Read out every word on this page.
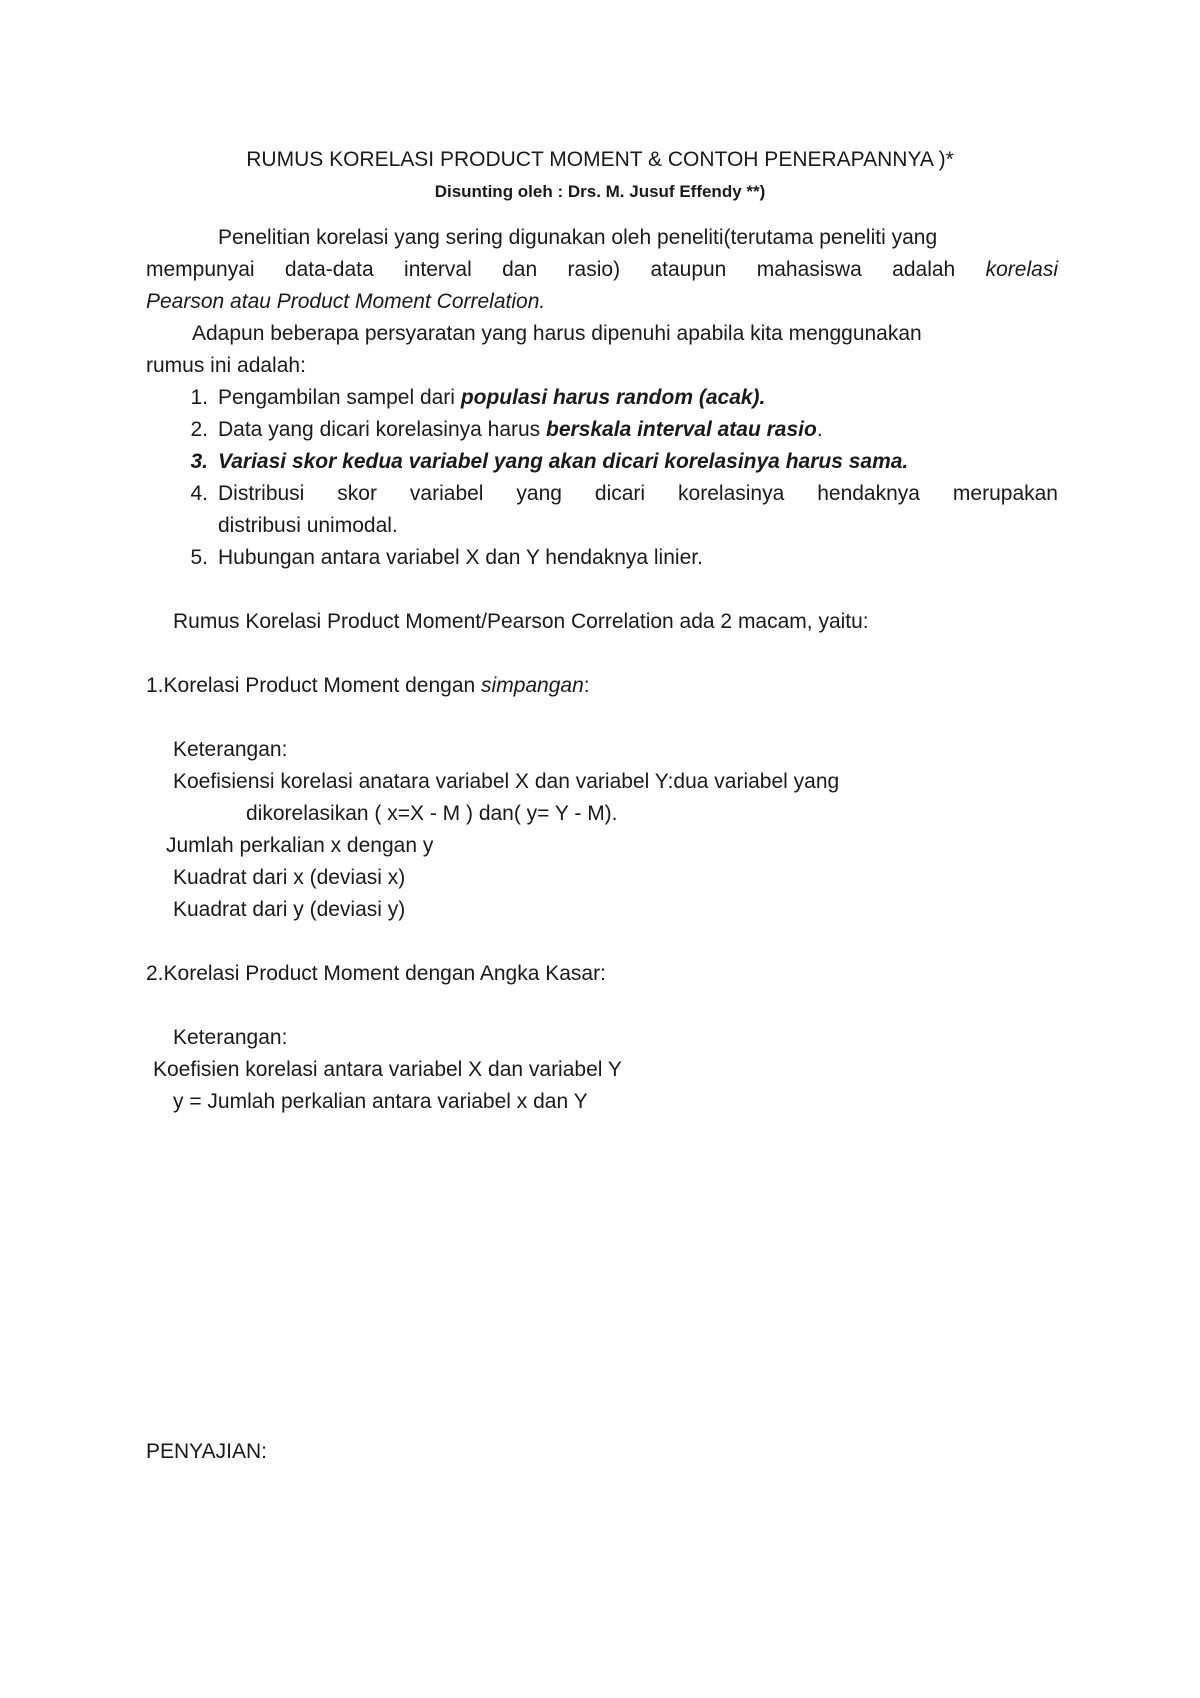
RUMUS KORELASI PRODUCT MOMENT & CONTOH PENERAPANNYA )*
Disunting oleh : Drs. M. Jusuf Effendy **)
Penelitian korelasi yang sering digunakan oleh peneliti(terutama peneliti yang
mempunyai data-data interval dan rasio) ataupun mahasiswa adalah korelasi
Pearson atau Product Moment Correlation.
Adapun beberapa persyaratan yang harus dipenuhi apabila kita menggunakan
rumus ini adalah:
1. Pengambilan sampel dari populasi harus random (acak).
2. Data yang dicari korelasinya harus berskala interval atau rasio.
3. Variasi skor kedua variabel yang akan dicari korelasinya harus sama.
4. Distribusi skor variabel yang dicari korelasinya hendaknya merupakan
distribusi unimodal.
5. Hubungan antara variabel X dan Y hendaknya linier.
Rumus Korelasi Product Moment/Pearson Correlation ada 2 macam, yaitu:
1.Korelasi Product Moment dengan simpangan:
Keterangan:
Koefisiensi korelasi anatara variabel X dan variabel Y:dua variabel yang
dikorelasikan ( x=X - M ) dan( y= Y - M).
Jumlah perkalian x dengan y
Kuadrat dari x (deviasi x)
Kuadrat dari y (deviasi y)
2.Korelasi Product Moment dengan Angka Kasar:
Keterangan:
Koefisien korelasi antara variabel X dan variabel Y
y = Jumlah perkalian antara variabel x dan Y
PENYAJIAN:
